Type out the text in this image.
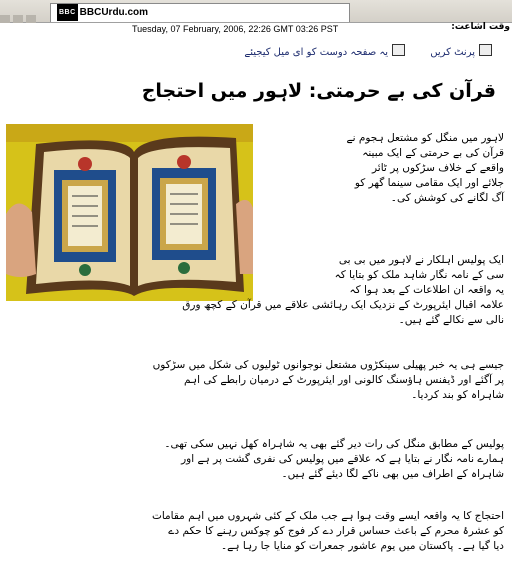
BBC BBCUrdu.com
Tuesday, 07 February, 2006, 22:26 GMT 03:26 PST	وقت اشاعت:
پرنٹ کریں یہ صفحہ دوست کو ای میل کیجیئے
قرآن کی بے حرمتی: لاہور میں احتجاج
لاہور میں منگل کو مشتعل ہجوم نے
قرآن کی بے حرمتی کے ایک مبینہ
واقعے کے خلاف سڑکوں پر ٹائر
جلائے اور ایک مقامی سینما گھر کو
آگ لگانے کی کوشش کی۔
ایک پولیس اہلکار نے لاہور میں بی بی
سی کے نامہ نگار شاہد ملک کو بتایا کہ
یہ واقعہ ان اطلاعات کے بعد ہوا کہ
علامہ اقبال ایئرپورٹ کے نزدیک ایک رہائشی علاقے میں قرآن کے کچھ ورق
نالی سے نکالے گئے ہیں۔
جیسے ہی یہ خبر پھیلی سینکڑوں مشتعل نوجوانوں ٹولیوں کی شکل میں سڑکوں
پر آگئے اور ڈیفنس ہاؤسنگ کالونی اور ایئرپورٹ کے درمیان رابطے کی اہم
شاہراہ کو بند کردیا۔
پولیس کے مطابق منگل کی رات دیر گئے بھی یہ شاہراہ کھل نہیں سکی تھی۔
ہمارے نامہ نگار نے بتایا ہے کہ علاقے میں پولیس کی نفری گشت پر ہے اور
شاہراہ کے اطراف میں بھی ناکے لگا دیئے گئے ہیں۔
احتجاج کا یہ واقعہ ایسے وقت ہوا ہے جب ملک کے کئی شہروں میں اہم مقامات
کو عشرۂ محرم کے باعث حساس قرار دے کر فوج کو چوکس رہنے کا حکم دے
دیا گیا ہے۔ پاکستان میں یوم عاشور جمعرات کو منایا جا رہا ہے۔
